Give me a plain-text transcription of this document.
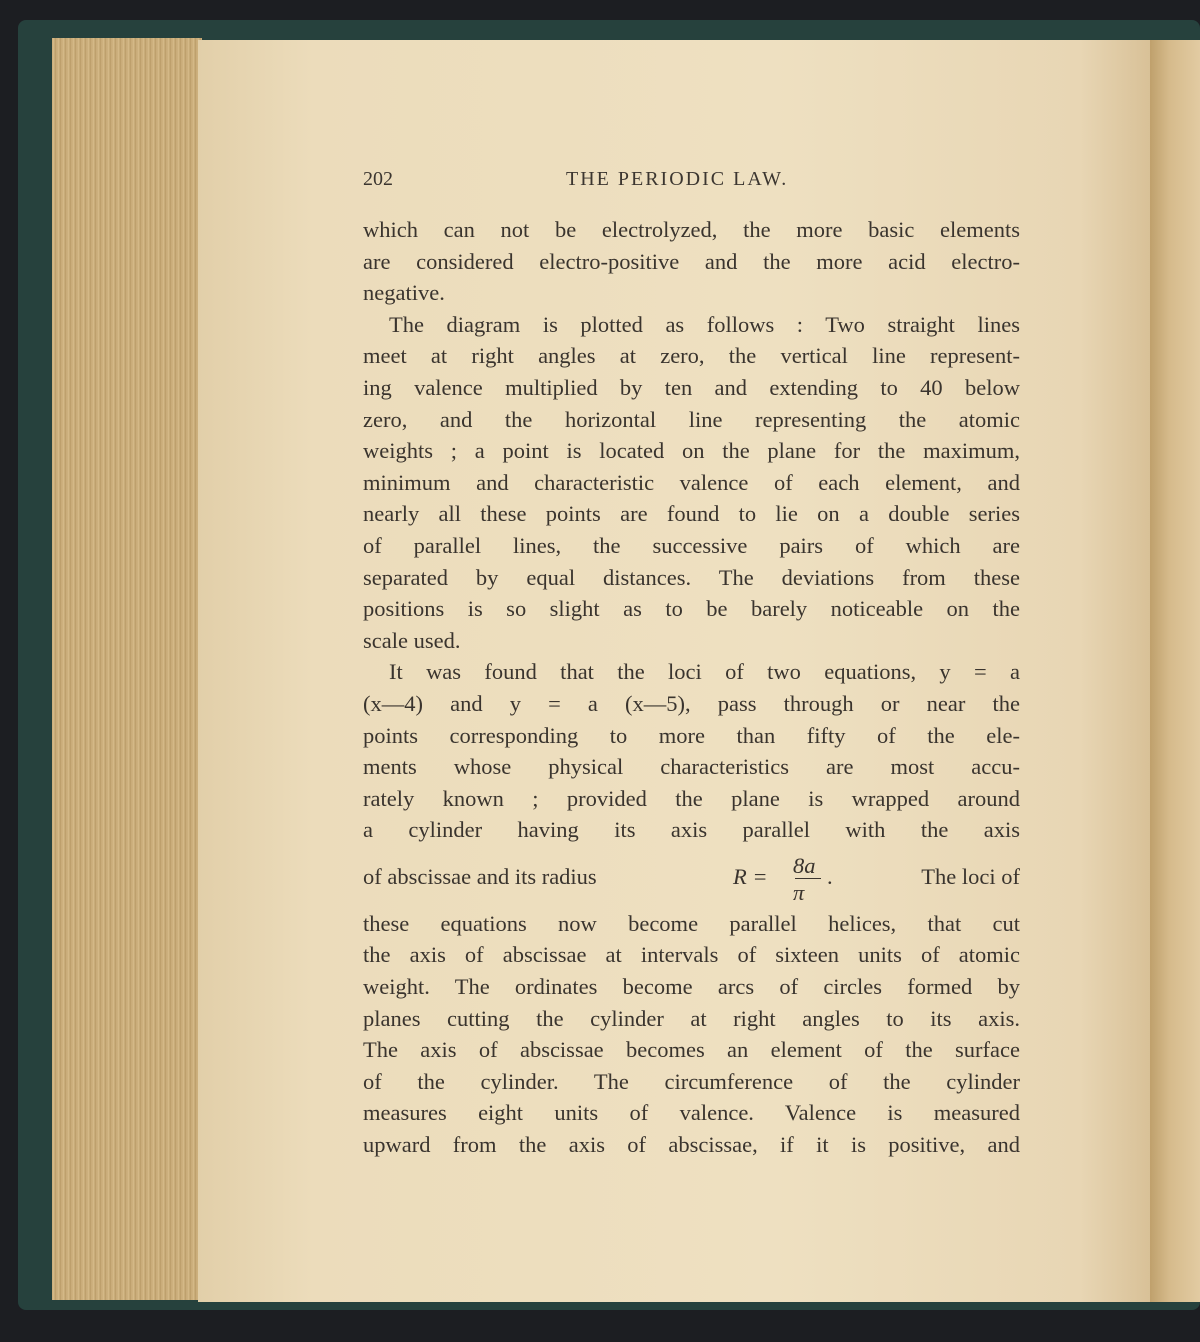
202	THE PERIODIC LAW.
which can not be electrolyzed, the more basic elements
are considered electro-positive and the more acid electro-
negative.
The diagram is plotted as follows : Two straight lines
meet at right angles at zero, the vertical line represent-
ing valence multiplied by ten and extending to 40 below
zero, and the horizontal line representing the atomic
weights ; a point is located on the plane for the maximum,
minimum and characteristic valence of each element, and
nearly all these points are found to lie on a double series
of parallel lines, the successive pairs of which are
separated by equal distances. The deviations from these
positions is so slight as to be barely noticeable on the
scale used.
It was found that the loci of two equations, y = a
(x—4) and y = a (x—5), pass through or near the
points corresponding to more than fifty of the ele-
ments whose physical characteristics are most accu-
rately known ; provided the plane is wrapped around
a cylinder having its axis parallel with the axis
of abscissae and its radius	R = 8a
π
.	The loci of
these equations now become parallel helices, that cut
the axis of abscissae at intervals of sixteen units of atomic
weight. The ordinates become arcs of circles formed by
planes cutting the cylinder at right angles to its axis.
The axis of abscissae becomes an element of the surface
of the cylinder. The circumference of the cylinder
measures eight units of valence. Valence is measured
upward from the axis of abscissae, if it is positive, and
